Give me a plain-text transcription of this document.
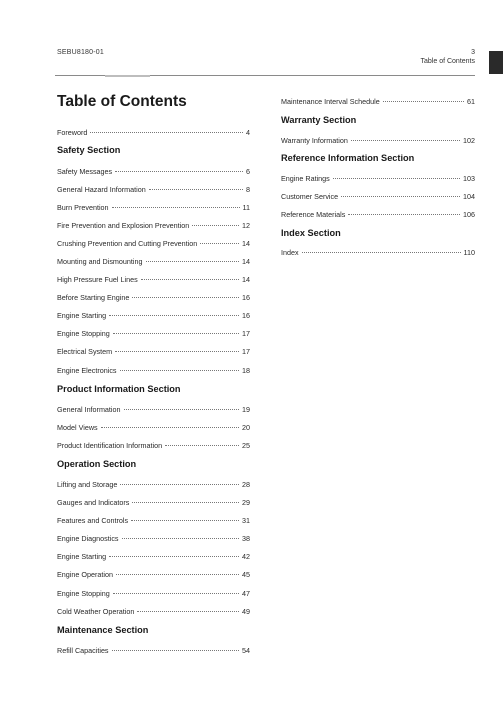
SEBU8180-01	3
Table of Contents
Table of Contents
Foreword	4
Safety Section
Safety Messages	6
General Hazard Information	8
Burn Prevention	11
Fire Prevention and Explosion Prevention	12
Crushing Prevention and Cutting Prevention	14
Mounting and Dismounting	14
High Pressure Fuel Lines	14
Before Starting Engine	16
Engine Starting	16
Engine Stopping	17
Electrical System	17
Engine Electronics	18
Product Information Section
General Information	19
Model Views	20
Product Identification Information	25
Operation Section
Lifting and Storage	28
Gauges and Indicators	29
Features and Controls	31
Engine Diagnostics	38
Engine Starting	42
Engine Operation	45
Engine Stopping	47
Cold Weather Operation	49
Maintenance Section
Refill Capacities	54
Maintenance Interval Schedule	61
Warranty Section
Warranty Information	102
Reference Information Section
Engine Ratings	103
Customer Service	104
Reference Materials	106
Index Section
Index	110
